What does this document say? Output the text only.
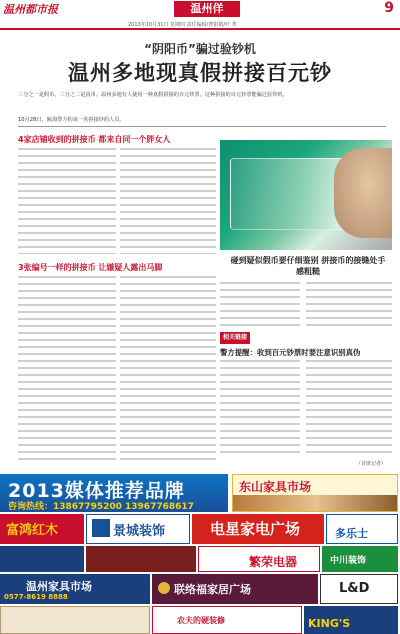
温州都市报	温州佯	9
2013年10月31日 星期四 责任编辑/曹银鹤/叶 菁
“阴阳币”骗过验钞机
温州多地现真假拼接百元钞
三分之一是假币，三分之二是真币。温州多地有人使用一种真假拼接的百元钞票，这种拼接的百元钞票能骗过验钞机。
10月28日，瓯海警方约谈一名拼接钞的人员。
4家店铺收到的拼接币 都来自同一个胖女人
3张编号一样的拼接币 让嫌疑人露出马脚
碰到疑似假币要仔细鉴别 拼接币的接缝处手感粗糙
相关链接
警方提醒：收到百元钞票时要注意识别真伪
（首席记者）
2013媒体推荐品牌
咨询热线：13867795200 13967768617
东山家具市场
富鸿红木	景城装饰	电星家电广场	多乐士
繁荣电器	中川装饰
温州家具市场
0577-8619 8888
联络福家居广场	L&D
农夫的硬装修	KING'S
